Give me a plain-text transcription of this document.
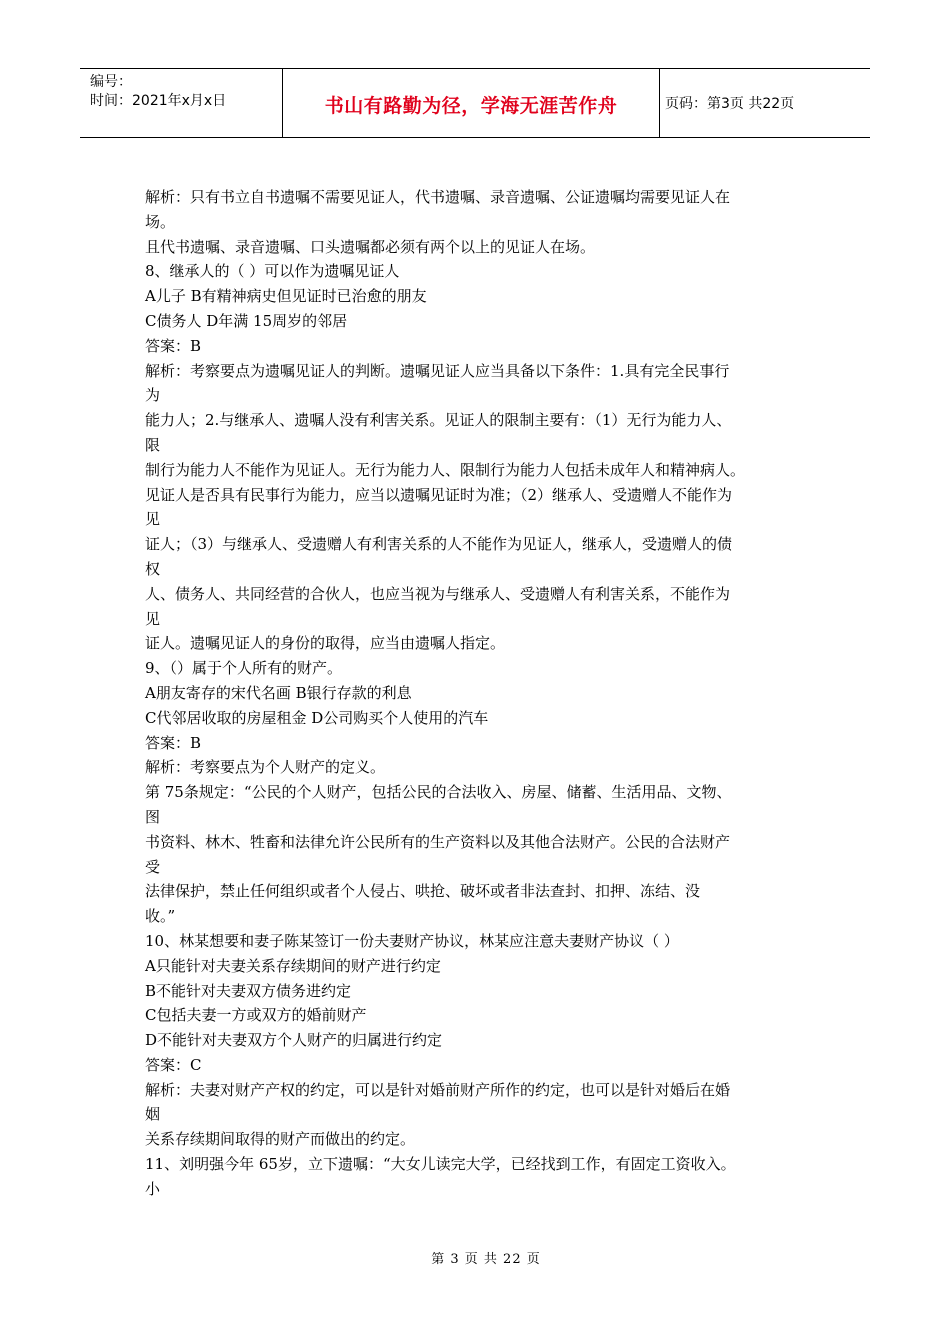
编号：
时间：2021年x月x日	书山有路勤为径，学海无涯苦作舟	页码：第3页 共22页

解析：只有书立自书遗嘱不需要见证人，代书遗嘱、录音遗嘱、公证遗嘱均需要见证人在

场。

且代书遗嘱、录音遗嘱、口头遗嘱都必须有两个以上的见证人在场。

8、继承人的（ ）可以作为遗嘱见证人

A儿子 B有精神病史但见证时已治愈的朋友

C债务人 D年满 15周岁的邻居

答案：B

解析：考察要点为遗嘱见证人的判断。遗嘱见证人应当具备以下条件：1.具有完全民事行

为

能力人；2.与继承人、遗嘱人没有利害关系。见证人的限制主要有：（1）无行为能力人、

限

制行为能力人不能作为见证人。无行为能力人、限制行为能力人包括未成年人和精神病人。

见证人是否具有民事行为能力，应当以遗嘱见证时为准；（2）继承人、受遗赠人不能作为

见

证人；（3）与继承人、受遗赠人有利害关系的人不能作为见证人，继承人，受遗赠人的债

权

人、债务人、共同经营的合伙人，也应当视为与继承人、受遗赠人有利害关系，不能作为

见

证人。遗嘱见证人的身份的取得，应当由遗嘱人指定。

9、（）属于个人所有的财产。

A朋友寄存的宋代名画 B银行存款的利息

C代邻居收取的房屋租金 D公司购买个人使用的汽车

答案：B

解析：考察要点为个人财产的定义。

第 75条规定：“公民的个人财产，包括公民的合法收入、房屋、储蓄、生活用品、文物、

图

书资料、林木、牲畜和法律允许公民所有的生产资料以及其他合法财产。公民的合法财产

受

法律保护，禁止任何组织或者个人侵占、哄抢、破坏或者非法查封、扣押、冻结、没

收。”

10、林某想要和妻子陈某签订一份夫妻财产协议，林某应注意夫妻财产协议（ ）

A只能针对夫妻关系存续期间的财产进行约定

B不能针对夫妻双方债务进约定

C包括夫妻一方或双方的婚前财产

D不能针对夫妻双方个人财产的归属进行约定

答案：C

解析：夫妻对财产产权的约定，可以是针对婚前财产所作的约定，也可以是针对婚后在婚

姻

关系存续期间取得的财产而做出的约定。

11、刘明强今年 65岁，立下遗嘱：“大女儿读完大学，已经找到工作，有固定工资收入。

小

第 3 页 共 22 页
